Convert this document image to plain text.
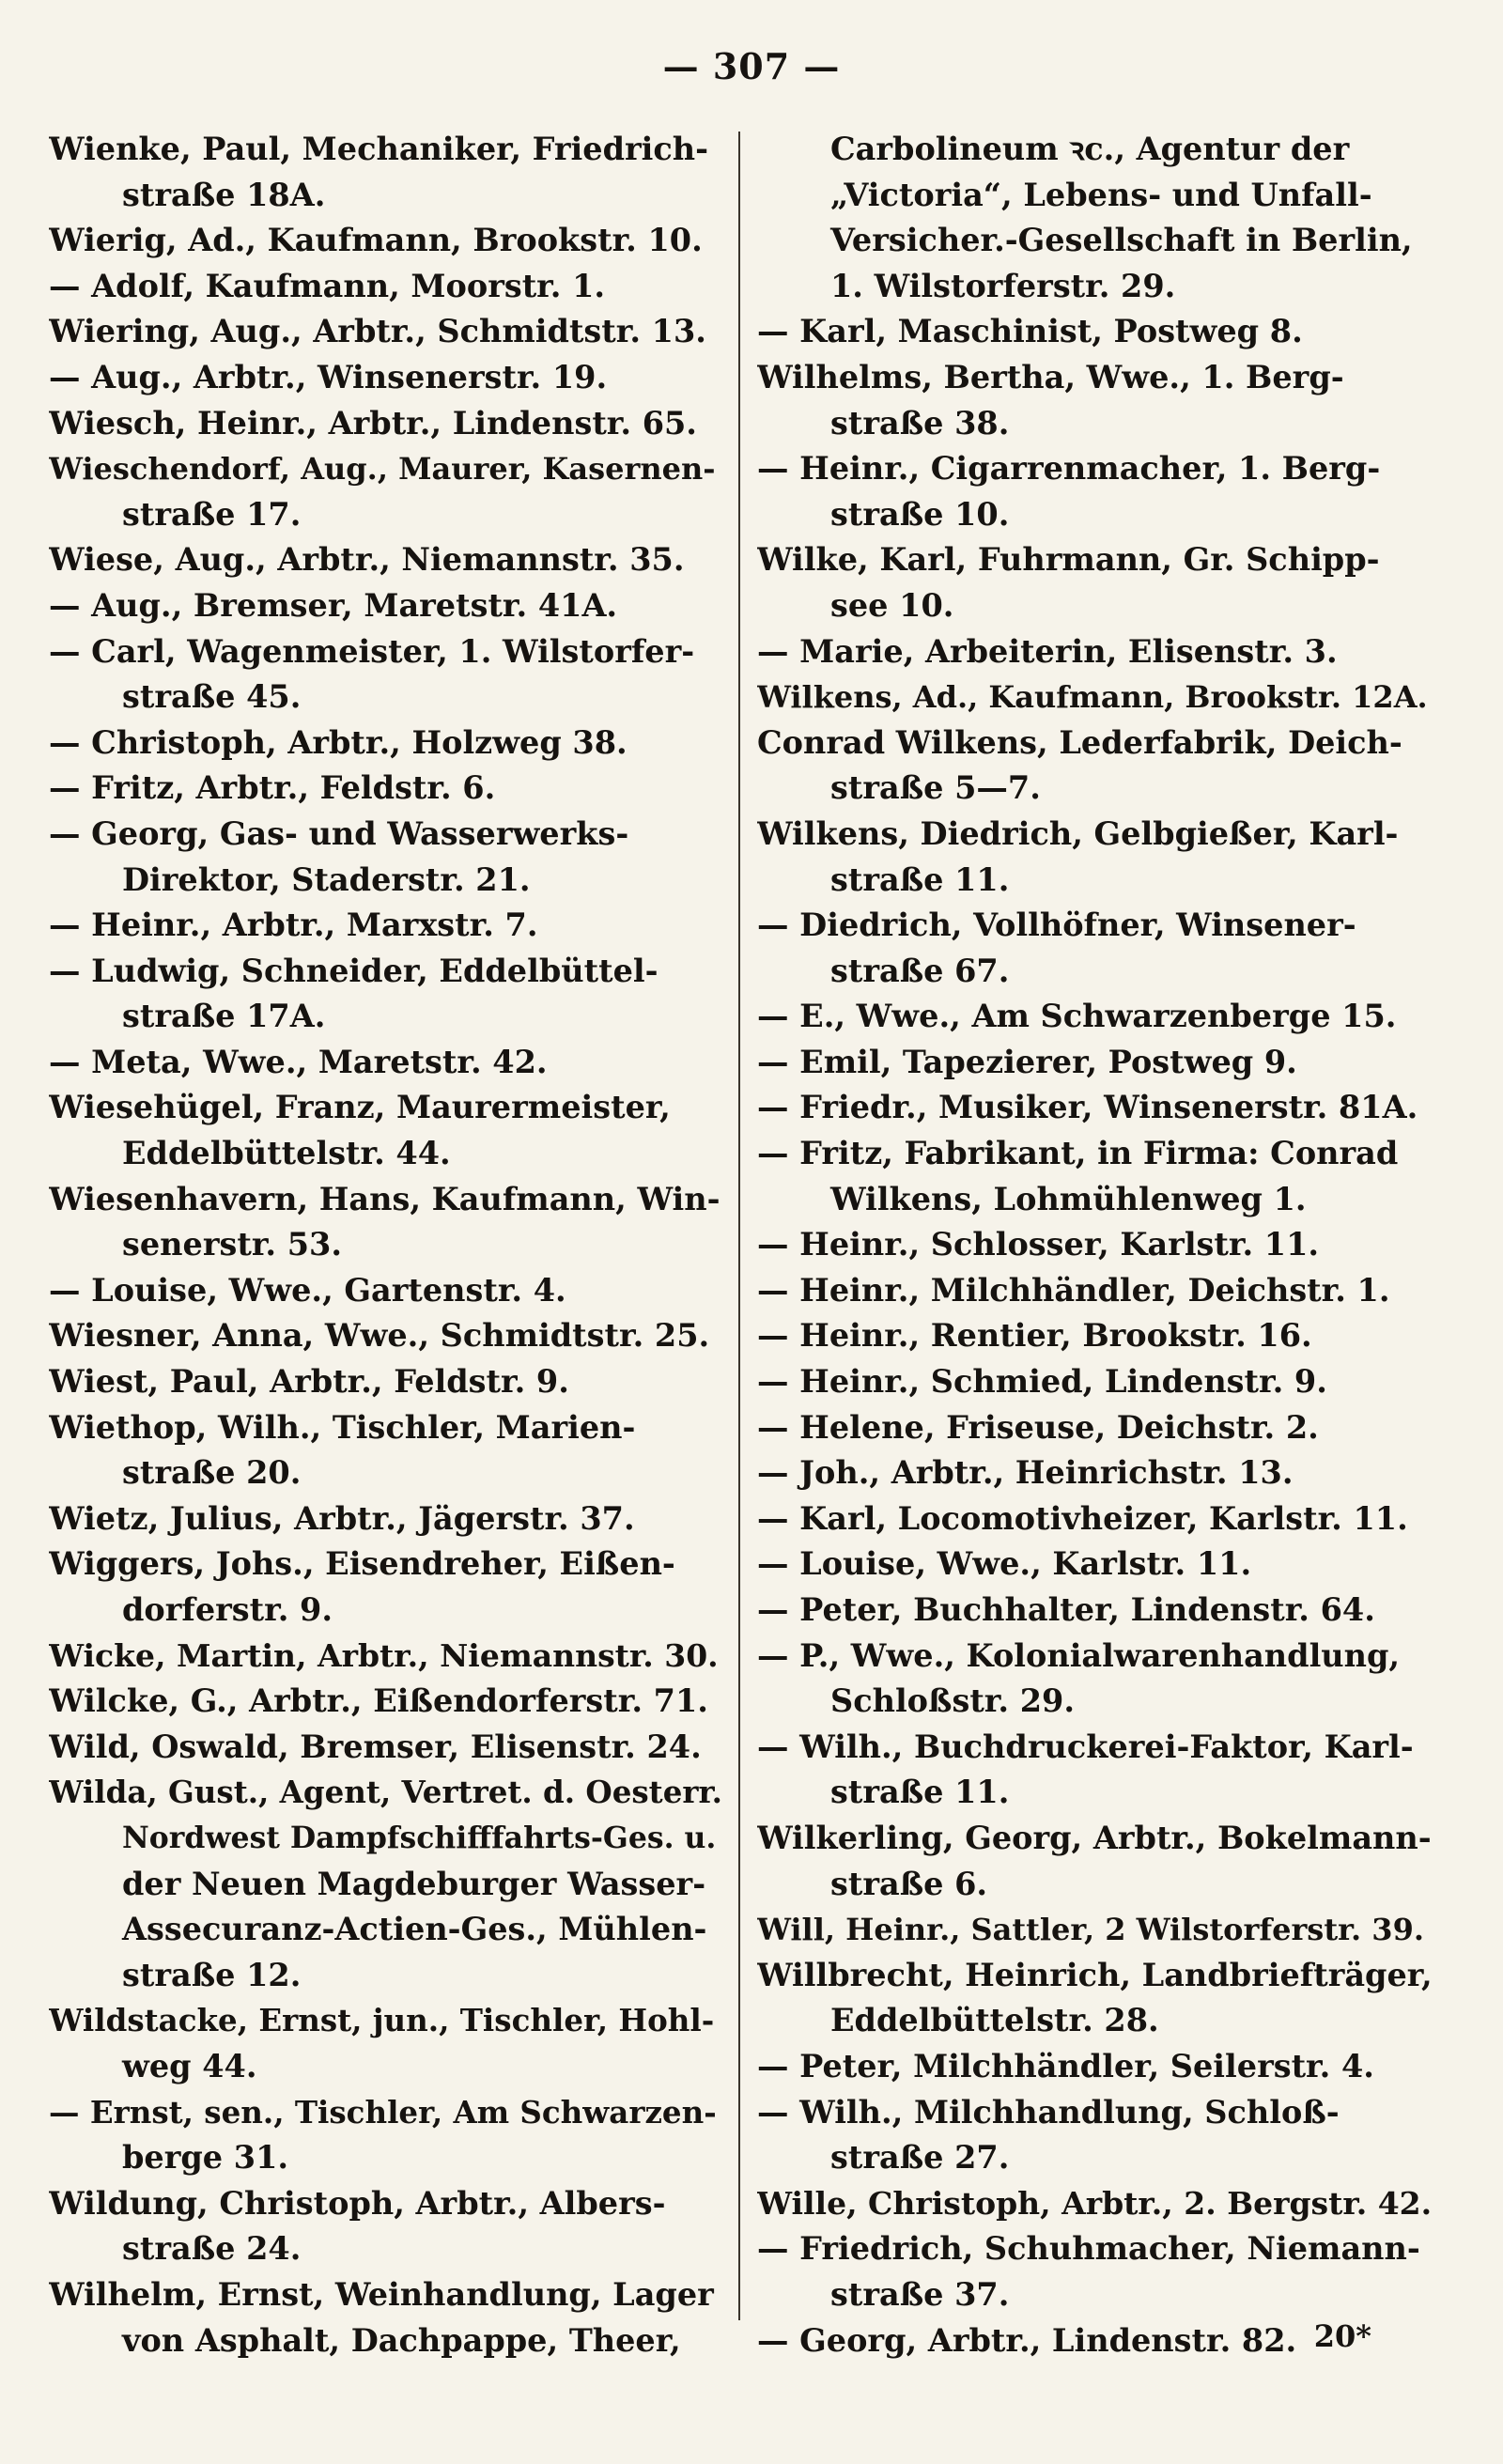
— 307 —
Wienke, Paul, Mechaniker, Friedrich-
straße 18A.
Wierig, Ad., Kaufmann, Brookstr. 10.
— Adolf, Kaufmann, Moorstr. 1.
Wiering, Aug., Arbtr., Schmidtstr. 13.
— Aug., Arbtr., Winsenerstr. 19.
Wiesch, Heinr., Arbtr., Lindenstr. 65.
Wieschendorf, Aug., Maurer, Kasernen-
straße 17.
Wiese, Aug., Arbtr., Niemannstr. 35.
— Aug., Bremser, Maretstr. 41A.
— Carl, Wagenmeister, 1. Wilstorfer-
straße 45.
— Christoph, Arbtr., Holzweg 38.
— Fritz, Arbtr., Feldstr. 6.
— Georg, Gas- und Wasserwerks-
Direktor, Staderstr. 21.
— Heinr., Arbtr., Marxstr. 7.
— Ludwig, Schneider, Eddelbüttel-
straße 17A.
— Meta, Wwe., Maretstr. 42.
Wiesehügel, Franz, Maurermeister,
Eddelbüttelstr. 44.
Wiesenhavern, Hans, Kaufmann, Win-
senerstr. 53.
— Louise, Wwe., Gartenstr. 4.
Wiesner, Anna, Wwe., Schmidtstr. 25.
Wiest, Paul, Arbtr., Feldstr. 9.
Wiethop, Wilh., Tischler, Marien-
straße 20.
Wietz, Julius, Arbtr., Jägerstr. 37.
Wiggers, Johs., Eisendreher, Eißen-
dorferstr. 9.
Wicke, Martin, Arbtr., Niemannstr. 30.
Wilcke, G., Arbtr., Eißendorferstr. 71.
Wild, Oswald, Bremser, Elisenstr. 24.
Wilda, Gust., Agent, Vertret. d. Oesterr.
Nordwest Dampfschifffahrts-Ges. u.
der Neuen Magdeburger Wasser-
Assecuranz-Actien-Ges., Mühlen-
straße 12.
Wildstacke, Ernst, jun., Tischler, Hohl-
weg 44.
— Ernst, sen., Tischler, Am Schwarzen-
berge 31.
Wildung, Christoph, Arbtr., Albers-
straße 24.
Wilhelm, Ernst, Weinhandlung, Lager
von Asphalt, Dachpappe, Theer,
Carbolineum ꝛc., Agentur der
„Victoria“, Lebens- und Unfall-
Versicher.-Gesellschaft in Berlin,
1. Wilstorferstr. 29.
— Karl, Maschinist, Postweg 8.
Wilhelms, Bertha, Wwe., 1. Berg-
straße 38.
— Heinr., Cigarrenmacher, 1. Berg-
straße 10.
Wilke, Karl, Fuhrmann, Gr. Schipp-
see 10.
— Marie, Arbeiterin, Elisenstr. 3.
Wilkens, Ad., Kaufmann, Brookstr. 12A.
Conrad Wilkens, Lederfabrik, Deich-
straße 5—7.
Wilkens, Diedrich, Gelbgießer, Karl-
straße 11.
— Diedrich, Vollhöfner, Winsener-
straße 67.
— E., Wwe., Am Schwarzenberge 15.
— Emil, Tapezierer, Postweg 9.
— Friedr., Musiker, Winsenerstr. 81A.
— Fritz, Fabrikant, in Firma: Conrad
Wilkens, Lohmühlenweg 1.
— Heinr., Schlosser, Karlstr. 11.
— Heinr., Milchhändler, Deichstr. 1.
— Heinr., Rentier, Brookstr. 16.
— Heinr., Schmied, Lindenstr. 9.
— Helene, Friseuse, Deichstr. 2.
— Joh., Arbtr., Heinrichstr. 13.
— Karl, Locomotivheizer, Karlstr. 11.
— Louise, Wwe., Karlstr. 11.
— Peter, Buchhalter, Lindenstr. 64.
— P., Wwe., Kolonialwarenhandlung,
Schloßstr. 29.
— Wilh., Buchdruckerei-Faktor, Karl-
straße 11.
Wilkerling, Georg, Arbtr., Bokelmann-
straße 6.
Will, Heinr., Sattler, 2 Wilstorferstr. 39.
Willbrecht, Heinrich, Landbriefträger,
Eddelbüttelstr. 28.
— Peter, Milchhändler, Seilerstr. 4.
— Wilh., Milchhandlung, Schloß-
straße 27.
Wille, Christoph, Arbtr., 2. Bergstr. 42.
— Friedrich, Schuhmacher, Niemann-
straße 37.
— Georg, Arbtr., Lindenstr. 82. 20*
